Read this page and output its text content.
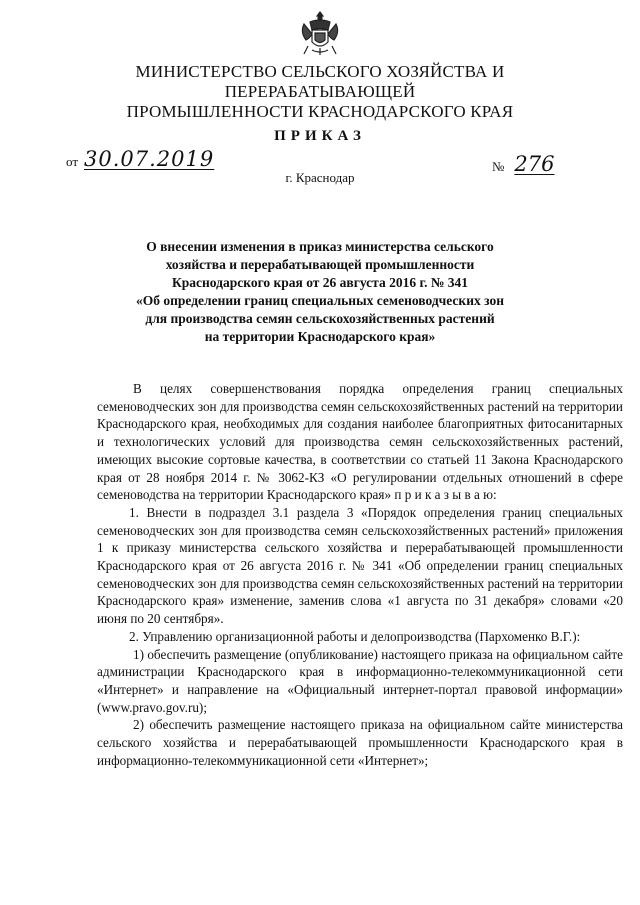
МИНИСТЕРСТВО СЕЛЬСКОГО ХОЗЯЙСТВА И ПЕРЕРАБАТЫВАЮЩЕЙ
ПРОМЫШЛЕННОСТИ КРАСНОДАРСКОГО КРАЯ
ПРИКАЗ
от 30.07.2019	№ 276
г. Краснодар
О внесении изменения в приказ министерства сельского
хозяйства и перерабатывающей промышленности
Краснодарского края от 26 августа 2016 г. № 341
«Об определении границ специальных семеноводческих зон
для производства семян сельскохозяйственных растений
на территории Краснодарского края»

В целях совершенствования порядка определения границ специальных семеноводческих зон для производства семян сельскохозяйственных растений на территории Краснодарского края, необходимых для создания наиболее благоприятных фитосанитарных и технологических условий для производства семян сельскохозяйственных растений, имеющих высокие сортовые качества, в соответствии со статьей 11 Закона Краснодарского края от 28 ноября 2014 г. № 3062-КЗ «О регулировании отдельных отношений в сфере семеноводства на территории Краснодарского края» п р и к а з ы в а ю:

1. Внести в подраздел 3.1 раздела 3 «Порядок определения границ специальных семеноводческих зон для производства семян сельскохозяйственных растений» приложения 1 к приказу министерства сельского хозяйства и перерабатывающей промышленности Краснодарского края от 26 августа 2016 г. № 341 «Об определении границ специальных семеноводческих зон для производства семян сельскохозяйственных растений на территории Краснодарского края» изменение, заменив слова «1 августа по 31 декабря» словами «20 июня по 20 сентября».

2. Управлению организационной работы и делопроизводства (Пархоменко В.Г.):

1) обеспечить размещение (опубликование) настоящего приказа на официальном сайте администрации Краснодарского края в информационно-телекоммуникационной сети «Интернет» и направление на «Официальный интернет-портал правовой информации» (www.pravo.gov.ru);

2) обеспечить размещение настоящего приказа на официальном сайте министерства сельского хозяйства и перерабатывающей промышленности Краснодарского края в информационно-телекоммуникационной сети «Интернет»;
